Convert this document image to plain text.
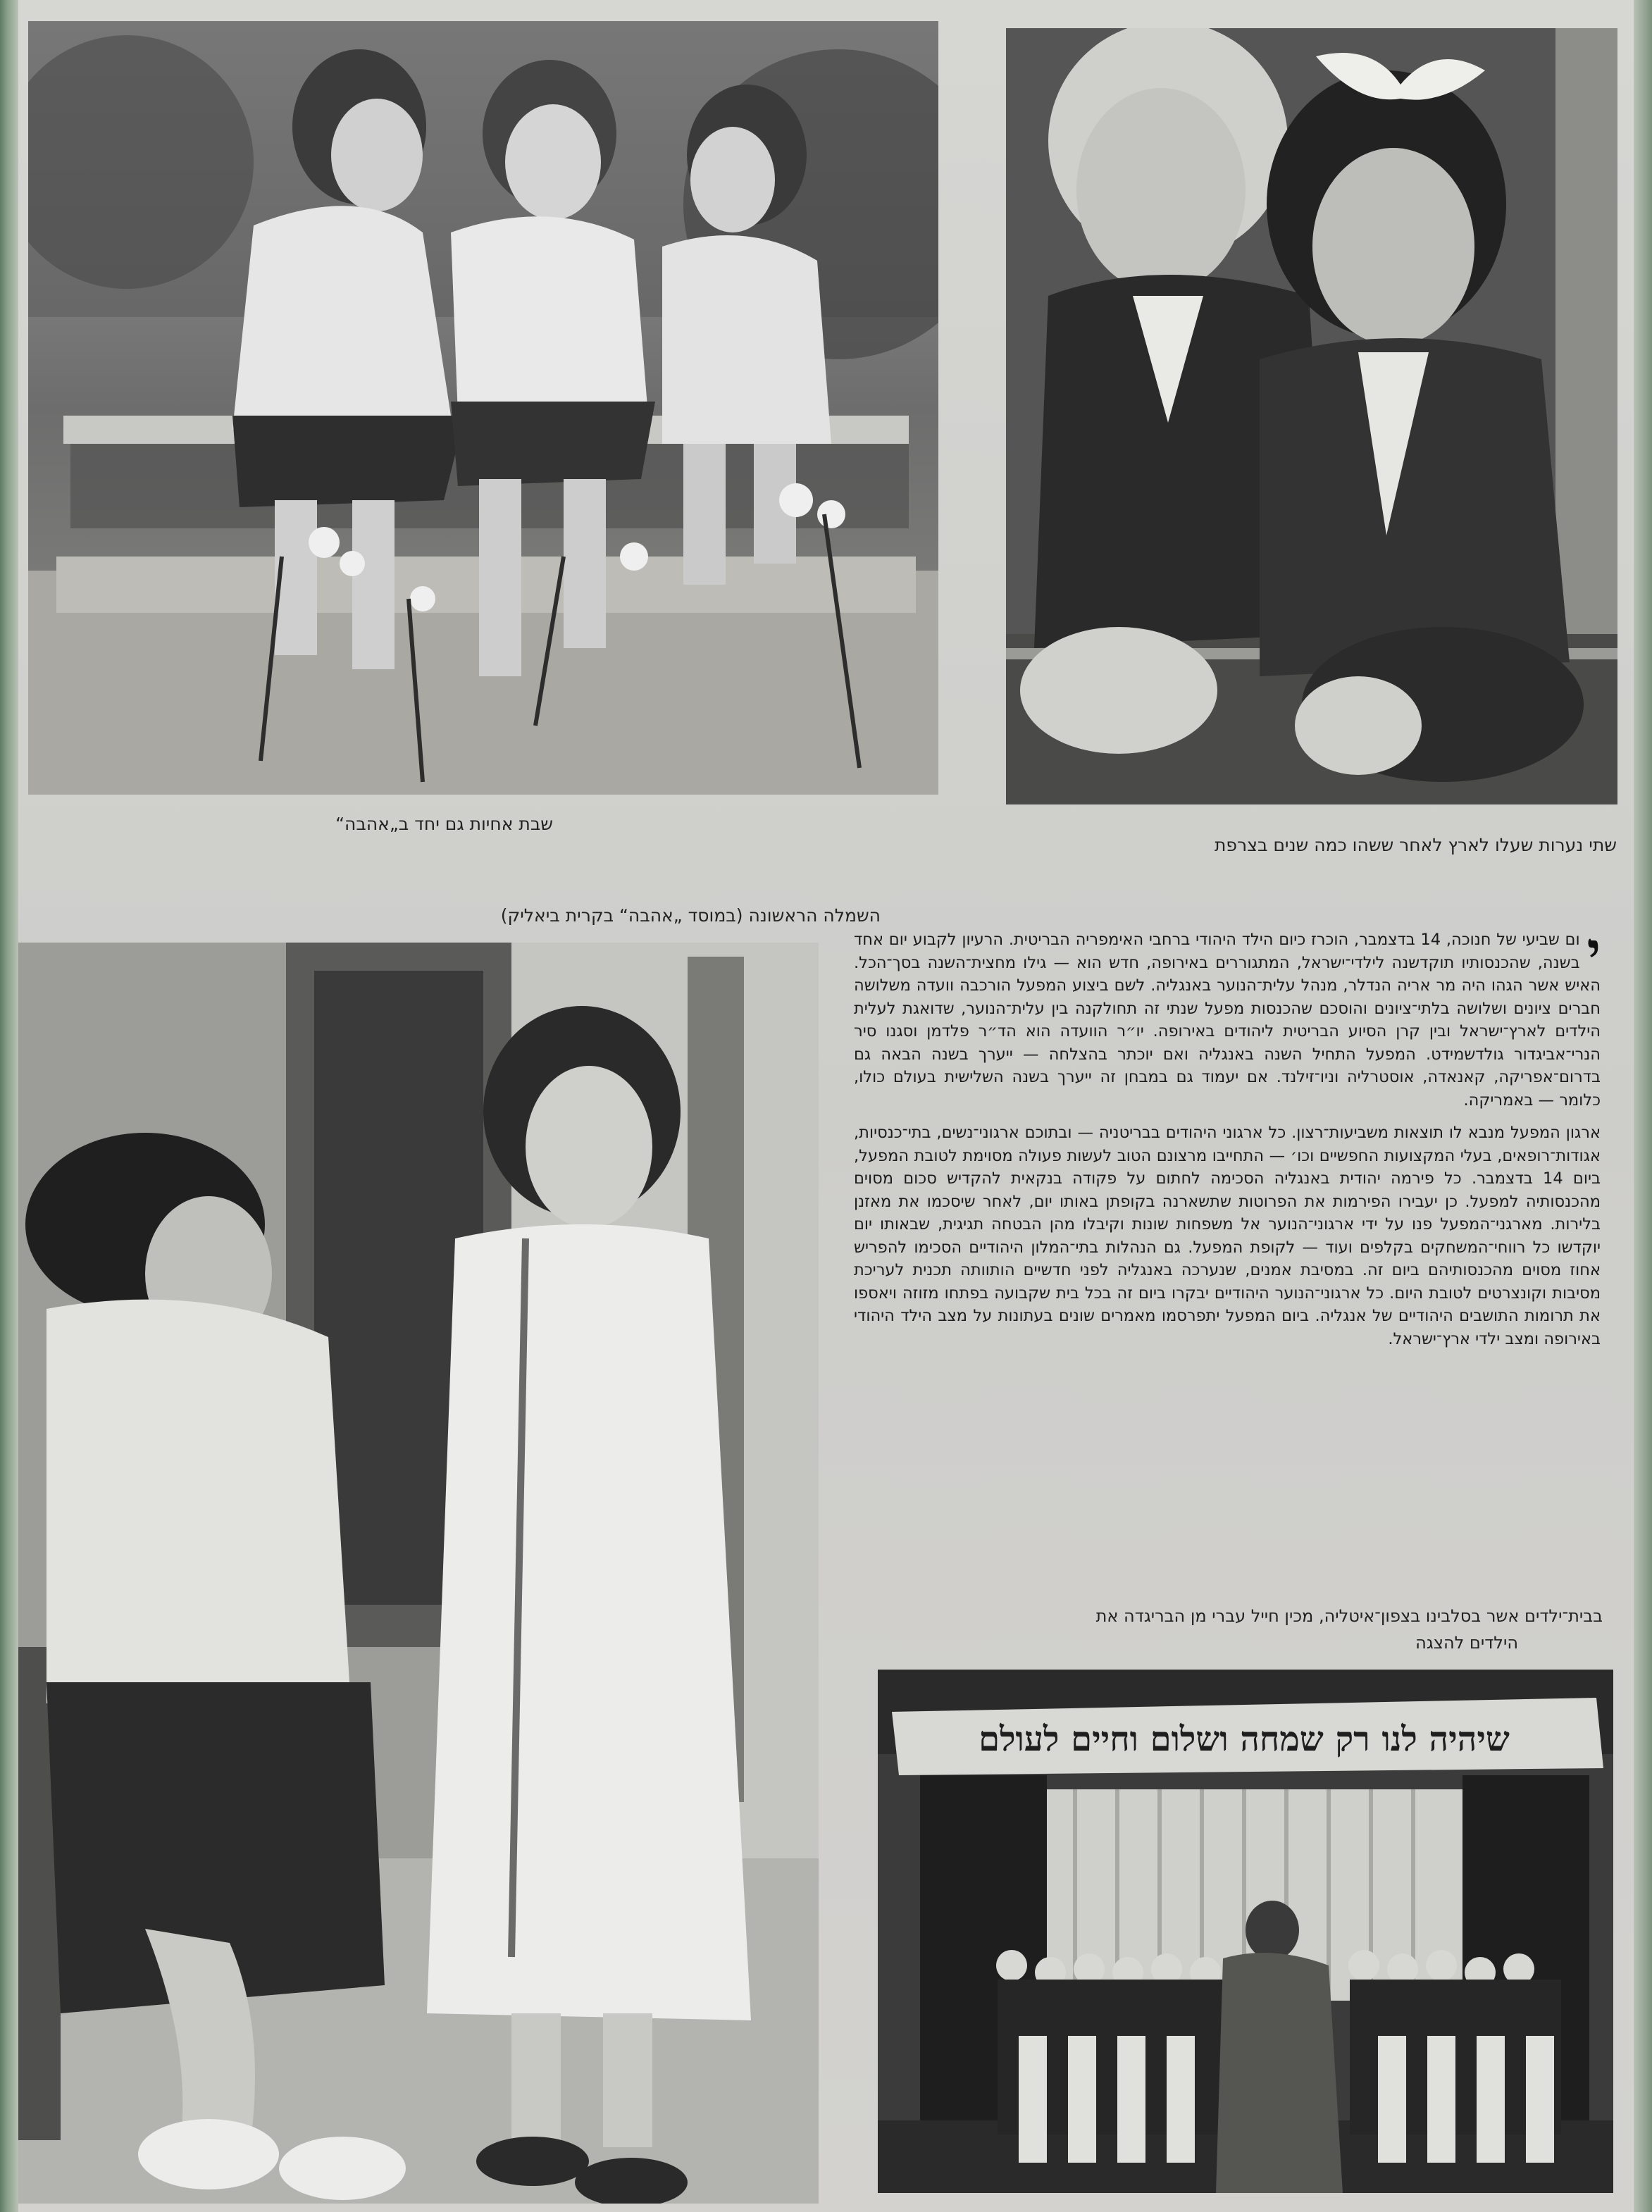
שבת אחיות גם יחד ב„אהבה“
שתי נערות שעלו לארץ לאחר ששהו כמה שנים בצרפת
השמלה הראשונה (במוסד „אהבה“ בקרית ביאליק)

י
ום שביעי של חנוכה, 14 בדצמבר, הוכרז כיום הילד היהודי ברחבי האימפריה הבריטית. הרעיון לקבוע יום אחד בשנה, שהכנסותיו תוקדשנה לילדי־ישראל, המתגוררים באירופה, חדש הוא — גילו מחצית־השנה בסך־הכל. האיש אשר הגהו היה מר אריה הנדלר, מנהל עלית־הנוער באנגליה. לשם ביצוע המפעל הורכבה וועדה משלושה חברים ציונים ושלושה בלתי־ציונים והוסכם שהכנסות מפעל שנתי זה תחולקנה בין עלית־הנוער, שדואגת לעלית הילדים לארץ־ישראל ובין קרן הסיוע הבריטית ליהודים באירופה. יו״ר הוועדה הוא הד״ר פלדמן וסגנו סיר הנרי־אביגדור גולדשמידט. המפעל התחיל השנה באנגליה ואם יוכתר בהצלחה — ייערך בשנה הבאה גם בדרום־אפריקה, קאנאדה, אוסטרליה וניו־זילנד. אם יעמוד גם במבחן זה ייערך בשנה השלישית בעולם כולו, כלומר — באמריקה.

ארגון המפעל מנבא לו תוצאות משביעות־רצון. כל ארגוני היהודים בבריטניה — ובתוכם ארגוני־נשים, בתי־כנסיות, אגודות־רופאים, בעלי המקצועות החפשיים וכו׳ — התחייבו מרצונם הטוב לעשות פעולה מסוימת לטובת המפעל, ביום 14 בדצמבר. כל פירמה יהודית באנגליה הסכימה לחתום על פקודה בנקאית להקדיש סכום מסוים מהכנסותיה למפעל. כן יעבירו הפירמות את הפרוטות שתשארנה בקופתן באותו יום, לאחר שיסכמו את מאזנן בלירות. מארגני־המפעל פנו על ידי ארגוני־הנוער אל משפחות שונות וקיבלו מהן הבטחה תגיגית, שבאותו יום יוקדשו כל רווחי־המשחקים בקלפים ועוד — לקופת המפעל. גם הנהלות בתי־המלון היהודיים הסכימו להפריש אחוז מסוים מהכנסותיהם ביום זה. במסיבת אמנים, שנערכה באנגליה לפני חדשיים הותוותה תכנית לעריכת מסיבות וקונצרטים לטובת היום. כל ארגוני־הנוער היהודיים יבקרו ביום זה בכל בית שקבועה בפתחו מזוזה ויאספו את תרומות התושבים היהודיים של אנגליה. ביום המפעל יתפרסמו מאמרים שונים בעתונות על מצב הילד היהודי באירופה ומצב ילדי ארץ־ישראל.

בבית־ילדים אשר בסלבינו בצפון־איטליה, מכין חייל עברי מן הבריגדה את
הילדים להצגה
שיהיה לנו רק שמחה ושלום וחיים לעולם
